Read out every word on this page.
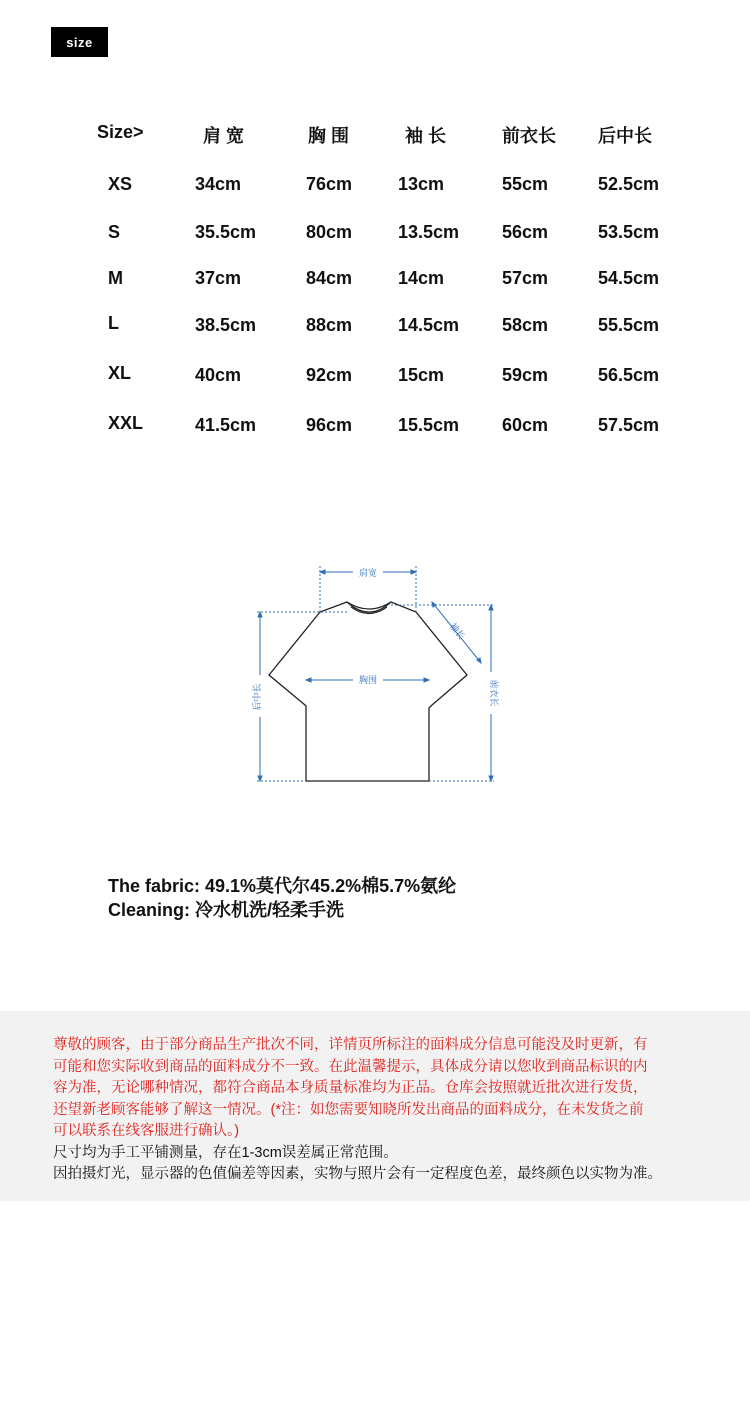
size
Size>	肩 宽	胸 围	袖 长	前衣长 后中长
XS	34cm	76cm	13cm	55cm	52.5cm
S	35.5cm	80cm	13.5cm 56cm	53.5cm
M	37cm	84cm	14cm	57cm	54.5cm
L	38.5cm	88cm	14.5cm 58cm	55.5cm
XL	40cm	92cm	15cm	59cm	56.5cm
XXL	41.5cm	96cm	15.5cm 60cm	57.5cm
肩宽
胸围
后中长
袖长
前衣长
The fabric: 49.1%莫代尔45.2%棉5.7%氨纶
Cleaning: 冷水机洗/轻柔手洗
尊敬的顾客，由于部分商品生产批次不同，详情页所标注的面料成分信息可能没及时更新，有
可能和您实际收到商品的面料成分不一致。在此温馨提示，具体成分请以您收到商品标识的内
容为准，无论哪种情况，都符合商品本身质量标准均为正品。仓库会按照就近批次进行发货，
还望新老顾客能够了解这一情况。(*注：如您需要知晓所发出商品的面料成分，在未发货之前
可以联系在线客服进行确认。)
尺寸均为手工平铺测量，存在1-3cm误差属正常范围。
因拍摄灯光，显示器的色值偏差等因素，实物与照片会有一定程度色差，最终颜色以实物为准。
